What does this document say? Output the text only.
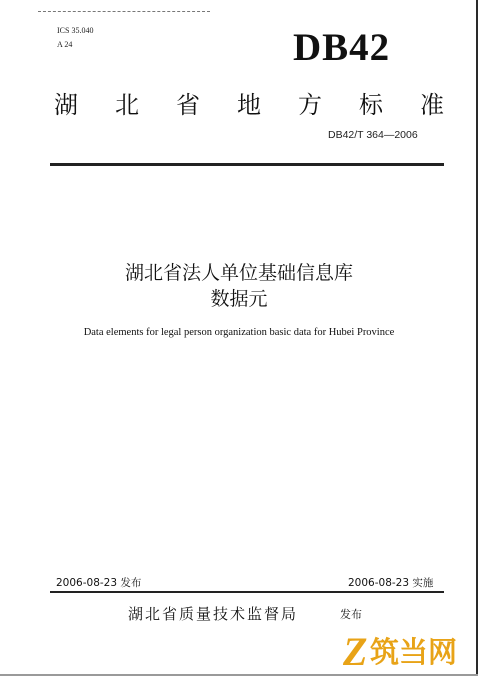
ICS 35.040
A 24	DB42
湖 北 省 地 方 标 准
DB42/T 364—2006
湖北省法人单位基础信息库
数据元
Data elements for legal person organization basic data for Hubei Province
2006-08-23 发布	2006-08-23 实施
湖北省质量技术监督局	发布
Z 筑当网
